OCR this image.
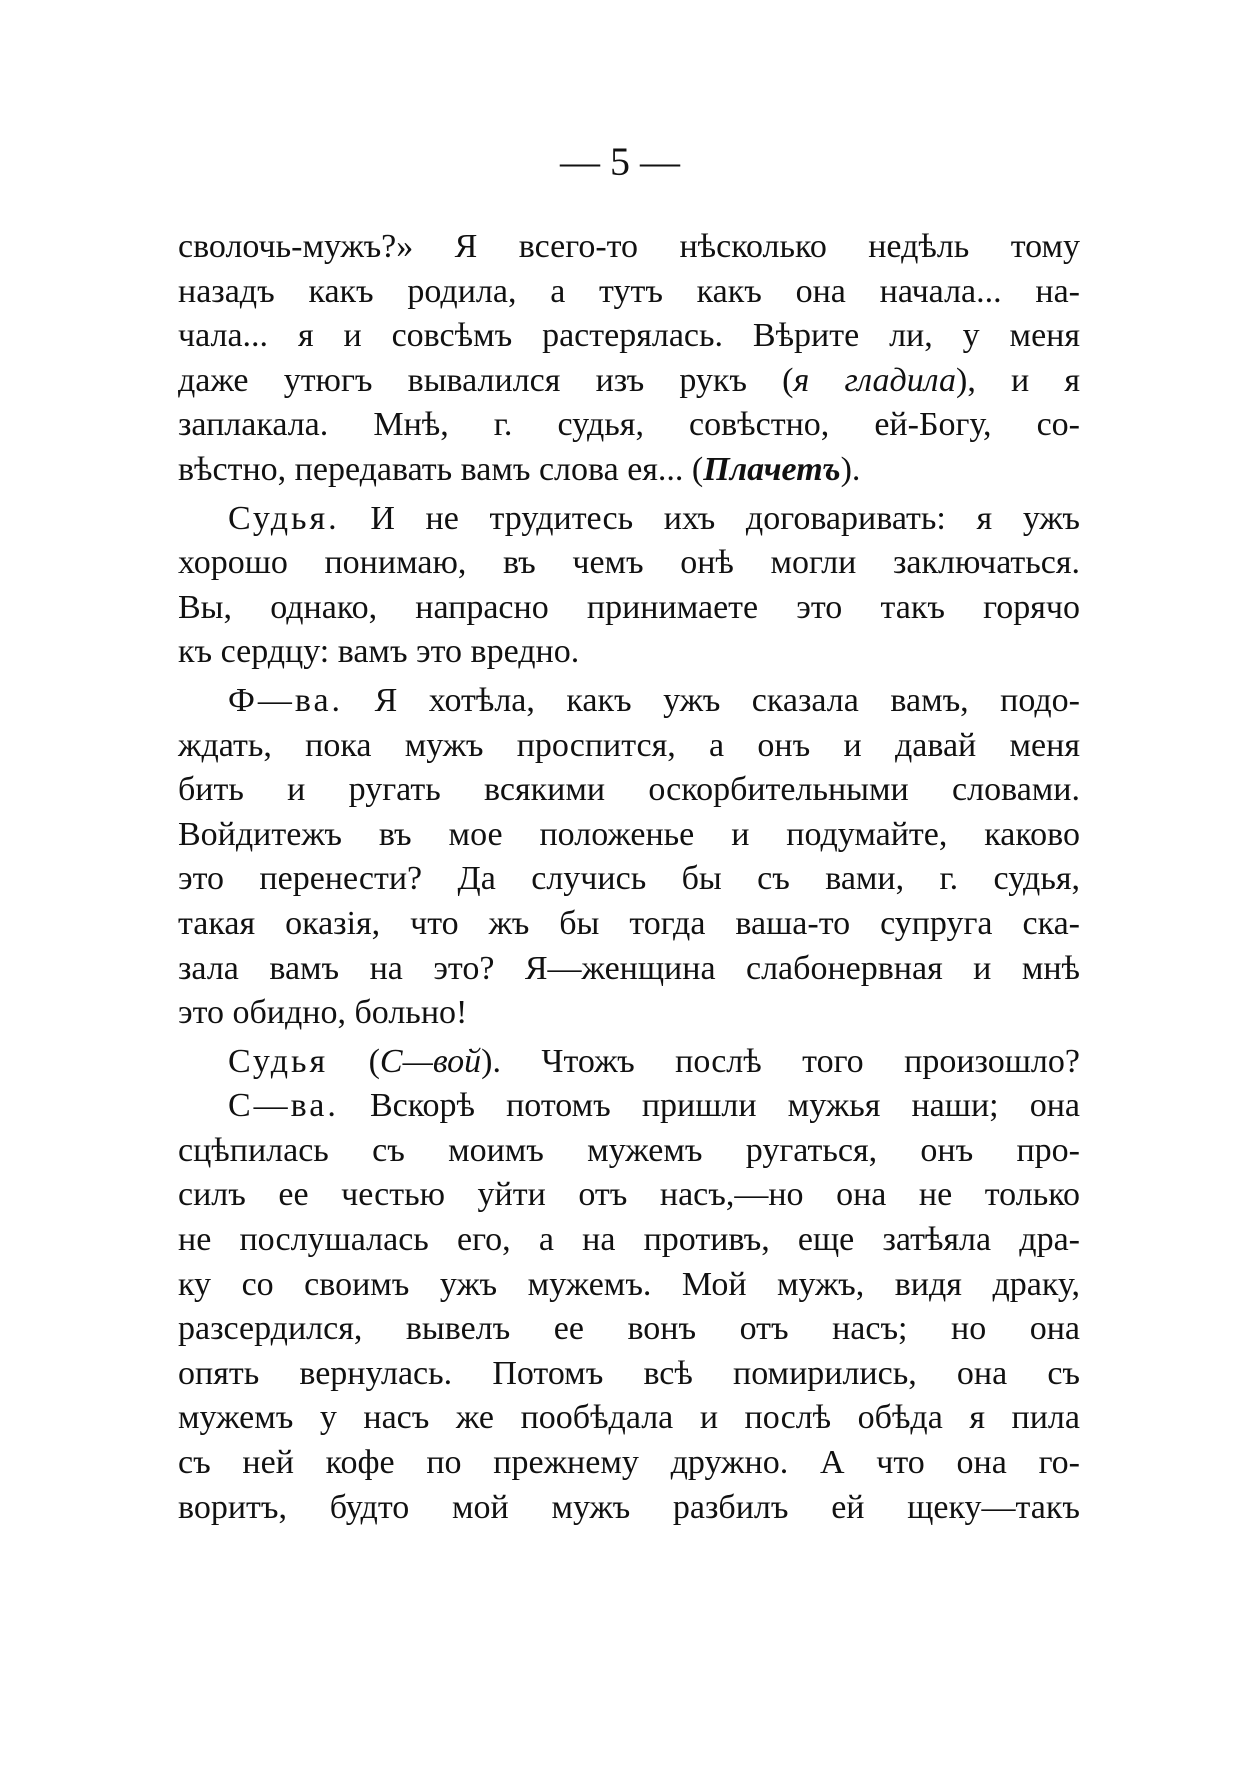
— 5 —
сволочь-мужъ?» Я всего-то нѣсколько недѣль тому
назадъ какъ родила, а тутъ какъ она начала... на-
чала... я и совсѣмъ растерялась. Вѣрите ли, у меня
даже утюгъ вывалился изъ рукъ (я гладила), и я
заплакала. Мнѣ, г. судья, совѣстно, ей-Богу, со-
вѣстно, передавать вамъ слова ея... (Плачетъ).
Судья. И не трудитесь ихъ договаривать: я ужъ
хорошо понимаю, въ чемъ онѣ могли заключаться.
Вы, однако, напрасно принимаете это такъ горячо
къ сердцу: вамъ это вредно.
Ф—ва. Я хотѣла, какъ ужъ сказала вамъ, подо-
ждать, пока мужъ проспится, а онъ и давай меня
бить и ругать всякими оскорбительными словами.
Войдитежъ въ мое положенье и подумайте, каково
это перенести? Да случись бы съ вами, г. судья,
такая оказія, что жъ бы тогда ваша-то супруга ска-
зала вамъ на это? Я—женщина слабонервная и мнѣ
это обидно, больно!
Судья (С—вой). Чтожъ послѣ того произошло?
С—ва. Вскорѣ потомъ пришли мужья наши; она
сцѣпилась съ моимъ мужемъ ругаться, онъ про-
силъ ее честью уйти отъ насъ,—но она не только
не послушалась его, а на противъ, еще затѣяла дра-
ку со своимъ ужъ мужемъ. Мой мужъ, видя драку,
разсердился, вывелъ ее вонъ отъ насъ; но она
опять вернулась. Потомъ всѣ помирились, она съ
мужемъ у насъ же пообѣдала и послѣ обѣда я пила
съ ней кофе по прежнему дружно. А что она го-
воритъ, будто мой мужъ разбилъ ей щеку—такъ
